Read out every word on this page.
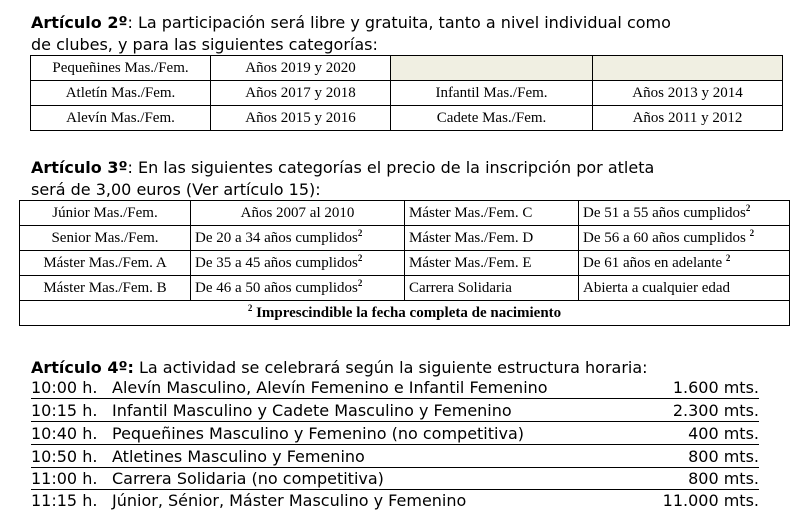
Artículo 2º: La participación será libre y gratuita, tanto a nivel individual como
de clubes, y para las siguientes categorías:
Pequeñines Mas./Fem.	Años 2019 y 2020		
Atletín Mas./Fem.	Años 2017 y 2018	Infantil Mas./Fem.	Años 2013 y 2014
Alevín Mas./Fem.	Años 2015 y 2016	Cadete Mas./Fem.	Años 2011 y 2012
Artículo 3º: En las siguientes categorías el precio de la inscripción por atleta
será de 3,00 euros (Ver artículo 15):
Júnior Mas./Fem.	Años 2007 al 2010	Máster Mas./Fem. C	De 51 a 55 años cumplidos$^2$
Senior Mas./Fem.	De 20 a 34 años cumplidos$^2$	Máster Mas./Fem. D	De 56 a 60 años cumplidos $^2$
Máster Mas./Fem. A	De 35 a 45 años cumplidos$^2$	Máster Mas./Fem. E	De 61 años en adelante $^2$
Máster Mas./Fem. B	De 46 a 50 años cumplidos$^2$	Carrera Solidaria	Abierta a cualquier edad
$^2$ Imprescindible la fecha completa de nacimiento			
Artículo 4º: La actividad se celebrará según la siguiente estructura horaria:
10:00 h. Alevín Masculino, Alevín Femenino e Infantil Femenino	1.600 mts.
10:15 h. Infantil Masculino y Cadete Masculino y Femenino	2.300 mts.
10:40 h. Pequeñines Masculino y Femenino (no competitiva)	400 mts.
10:50 h. Atletines Masculino y Femenino	800 mts.
11:00 h. Carrera Solidaria (no competitiva)	800 mts.
11:15 h. Júnior, Sénior, Máster Masculino y Femenino	11.000 mts.
